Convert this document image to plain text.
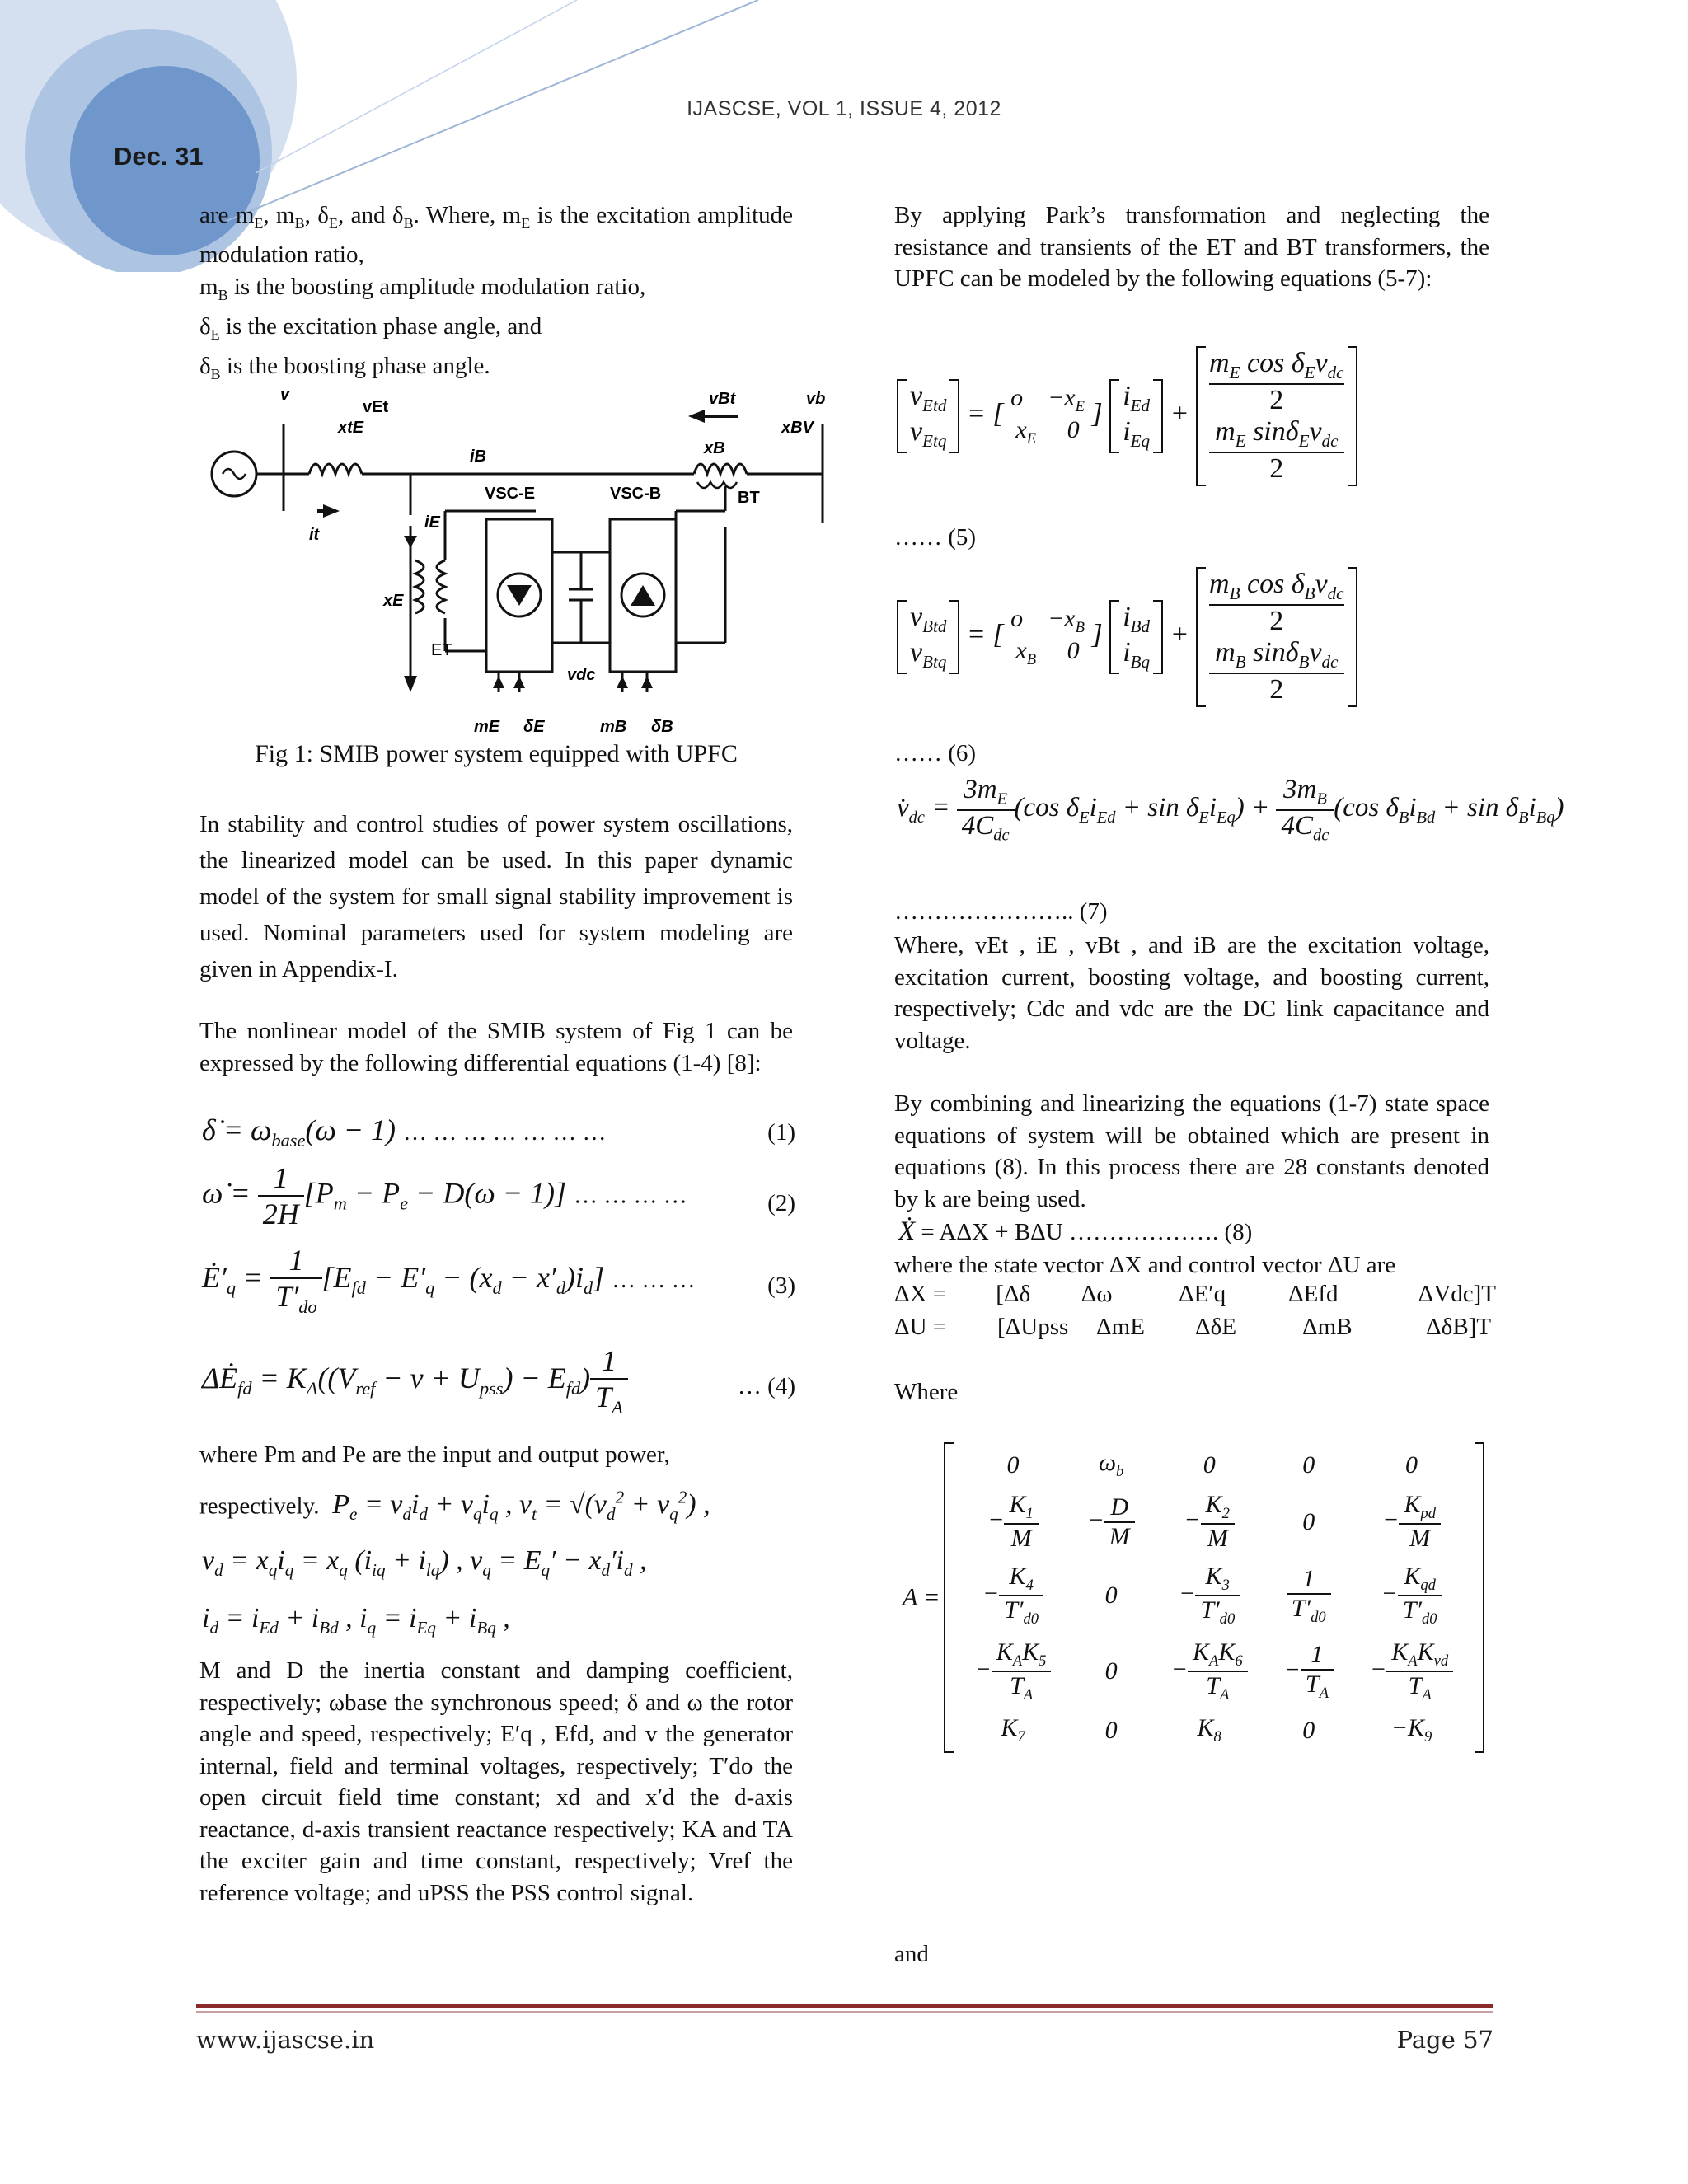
IJASCSE, VOL 1, ISSUE 4, 2012
Dec. 31

are $m_E$, $m_B$, $\delta_E$, and $\delta_B$. Where, $m_E$ is the excitation amplitude modulation ratio,

$m_B$ is the boosting amplitude modulation ratio,

$\delta_E$ is the excitation phase angle, and

$\delta_B$ is the boosting phase angle.

v
vEt	vBt	vb
xtE
xB
xBV
iB
VSC-E	VSC-B	BT
it
iE
xE
ET
vdc
mE δE	mB δB
Fig 1: SMIB power system equipped with UPFC
In stability and control studies of power system oscillations, the linearized model can be used. In this paper dynamic model of the system for small signal stability improvement is used. Nominal parameters used for system modeling are given in Appendix-I.
The nonlinear model of the SMIB system of Fig 1 can be expressed by the following differential equations (1-4) [8]:
δ̇ = $\omega_{base}(\omega - 1)$ … … … … … … …	(1)
ω̇ = $\frac{1}{2H} [P_m - P_e - D(\omega - 1)]$ … … … …	(2)
$Ė'_q = \frac{1}{T'_{do}} [E_{fd} - E'_q - (x_d - x'_d)i_d]$ … … …	(3)
$\Delta Ė_{fd} = K_A((V_{ref} - v + U_{pss}) - E_{fd}) \frac{1}{T_A}$	… (4)
where Pm and Pe are the input and output power,
respectively.  $P_e = v_di_d + v_qi_q$ , $v_t = √(v_d^2 + v_q^2)$ ,
$v_d = x_qi_q = x_q$ $(i_{iq} + i_{lq})$ , $v_q = E_q' - x_d'i_d$ ,
$i_d = i_{Ed} + i_{Bd}$ , $i_q = i_{Eq} + i_{Bq}$ ,
M and D the inertia constant and damping coefficient, respectively; ωbase the synchronous speed; δ and ω the rotor angle and speed, respectively; E′q , Efd, and v the generator internal, field and terminal voltages, respectively; T′do the open circuit field time constant; xd and x′d the d-axis reactance, d-axis transient reactance respectively; KA and TA the exciter gain and time constant, respectively; Vref the reference voltage; and uPSS the PSS control signal.
By applying Park’s transformation and neglecting the resistance and transients of the ET and BT transformers, the UPFC can be modeled by the following equations (5-7):
$v_{Etd}$
$v_{Etq}$
= [
o    $-x_E$
$x_E$     0
]
$i_{Ed}$
$i_{Eq}$
+
$m_E$ $\cos \delta_Ev_{dc}$
2
$m_E$ $\sin\delta_Ev_{dc}$
2
…… (5)
$v_{Btd}$
$v_{Btq}$
= [
o    $-x_B$
$x_B$     0
]
$i_{Bd}$
$i_{Bq}$
+
$m_B$ $\cos \delta_Bv_{dc}$
2
$m_B$ $\sin\delta_Bv_{dc}$
2
…… (6)
$v̇_{dc} = \frac{3m_E}{4C_{dc}} (\cos$ $\delta_Ei_{Ed} + \sin \delta_Ei_{Eq}) + \frac{3m_B}{4C_{dc}} (\cos$ $\delta_Bi_{Bd} + \sin \delta_Bi_{Bq}$)
………………….. (7)
Where, vEt , iE , vBt , and iB are the excitation voltage, excitation current, boosting voltage, and boosting current, respectively; Cdc and vdc are the DC link capacitance and voltage.
By combining and linearizing the equations (1-7) state space equations of system will be obtained which are present in equations (8). In this process there are 28 constants denoted by k are being used.
Ẋ = AΔX + BΔU ………………. (8)
where the state vector ΔX and control vector ΔU are
ΔX =	[Δδ	Δω	ΔE′q	ΔEfd	ΔVdc]T
ΔU =	[ΔUpss	ΔmE	ΔδE	ΔmB	ΔδB]T
Where
A =
0	$\omega_b$	0	0	0
− $\frac{K_1}{M}$	− $\frac{D}{M}$	− $\frac{K_2}{M}$	0	− $\frac{K_{pd}}{M}$

− $\frac{K_4}{T'_{d0}}$	0	− $\frac{K_3}{T'_{d0}}$	$\frac{1}{T'_{d0}}$	− $\frac{K_{qd}}{T'_{d0}}$

− $\frac{K_AK_5}{T_A}$	0	− $\frac{K_AK_6}{T_A}$	− $\frac{1}{T_A}$	− $\frac{K_AK_{vd}}{T_A}$

$K_7$	0	$K_8$	0	$-K_9$
and
www.ijascse.in	Page 57
